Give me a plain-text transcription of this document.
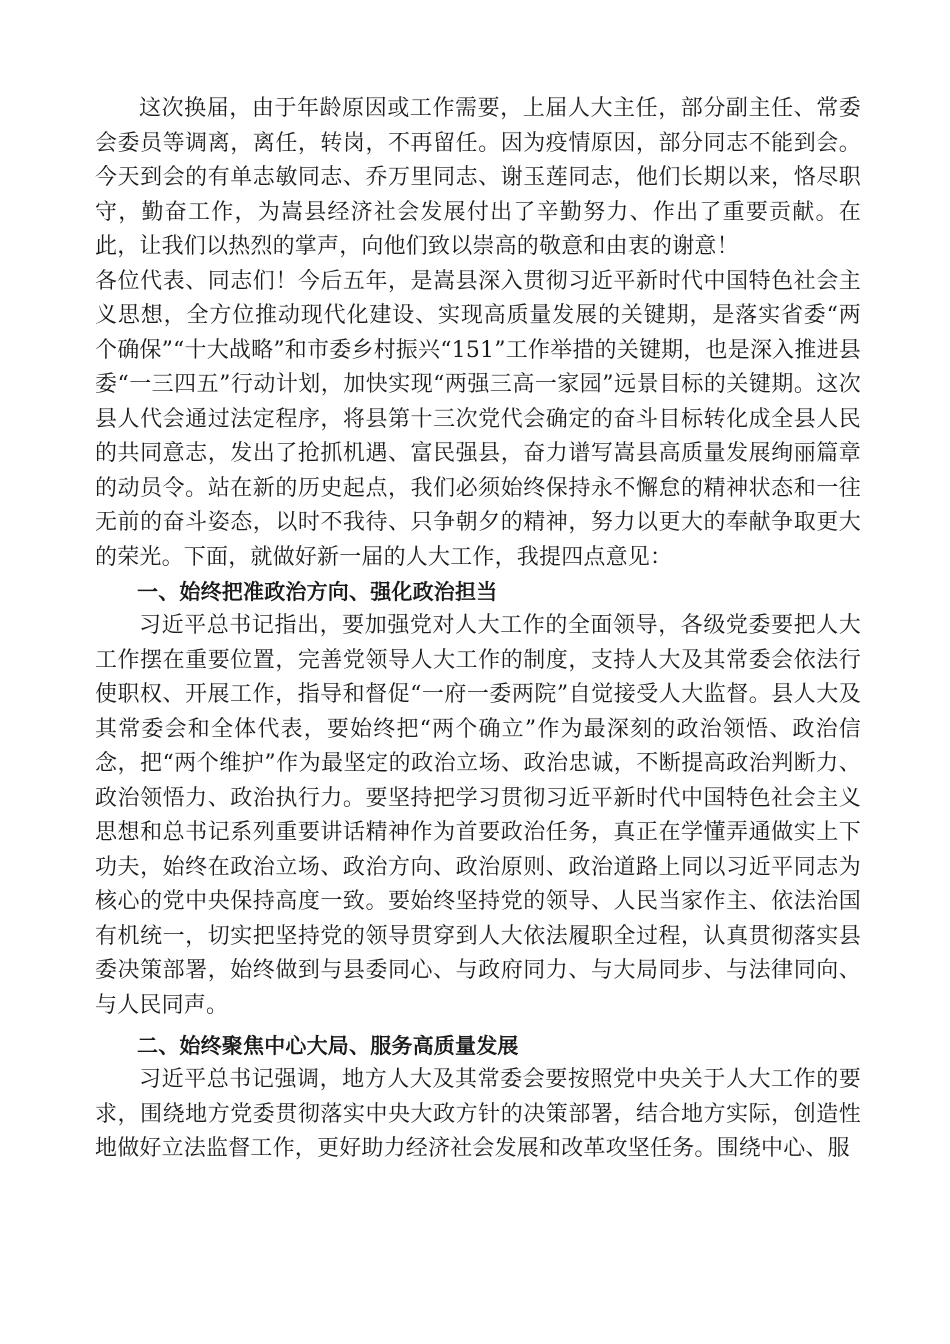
这次换届，由于年龄原因或工作需要，上届人大主任，部分副主任、常委会委员等调离，离任，转岗，不再留任。因为疫情原因，部分同志不能到会。今天到会的有单志敏同志、乔万里同志、谢玉莲同志，他们长期以来，恪尽职守，勤奋工作，为嵩县经济社会发展付出了辛勤努力、作出了重要贡献。在此，让我们以热烈的掌声，向他们致以崇高的敬意和由衷的谢意！

各位代表、同志们！今后五年，是嵩县深入贯彻习近平新时代中国特色社会主义思想，全方位推动现代化建设、实现高质量发展的关键期，是落实省委“两个确保”“十大战略”和市委乡村振兴“151”工作举措的关键期，也是深入推进县委“一三四五”行动计划，加快实现“两强三高一家园”远景目标的关键期。这次县人代会通过法定程序，将县第十三次党代会确定的奋斗目标转化成全县人民的共同意志，发出了抢抓机遇、富民强县，奋力谱写嵩县高质量发展绚丽篇章的动员令。站在新的历史起点，我们必须始终保持永不懈怠的精神状态和一往无前的奋斗姿态，以时不我待、只争朝夕的精神，努力以更大的奉献争取更大的荣光。下面，就做好新一届的人大工作，我提四点意见：

一、始终把准政治方向、强化政治担当

习近平总书记指出，要加强党对人大工作的全面领导，各级党委要把人大工作摆在重要位置，完善党领导人大工作的制度，支持人大及其常委会依法行使职权、开展工作，指导和督促“一府一委两院”自觉接受人大监督。县人大及其常委会和全体代表，要始终把“两个确立”作为最深刻的政治领悟、政治信念，把“两个维护”作为最坚定的政治立场、政治忠诚，不断提高政治判断力、政治领悟力、政治执行力。要坚持把学习贯彻习近平新时代中国特色社会主义思想和总书记系列重要讲话精神作为首要政治任务，真正在学懂弄通做实上下功夫，始终在政治立场、政治方向、政治原则、政治道路上同以习近平同志为核心的党中央保持高度一致。要始终坚持党的领导、人民当家作主、依法治国有机统一，切实把坚持党的领导贯穿到人大依法履职全过程，认真贯彻落实县委决策部署，始终做到与县委同心、与政府同力、与大局同步、与法律同向、与人民同声。

二、始终聚焦中心大局、服务高质量发展

习近平总书记强调，地方人大及其常委会要按照党中央关于人大工作的要求，围绕地方党委贯彻落实中央大政方针的决策部署，结合地方实际，创造性地做好立法监督工作，更好助力经济社会发展和改革攻坚任务。围绕中心、服
